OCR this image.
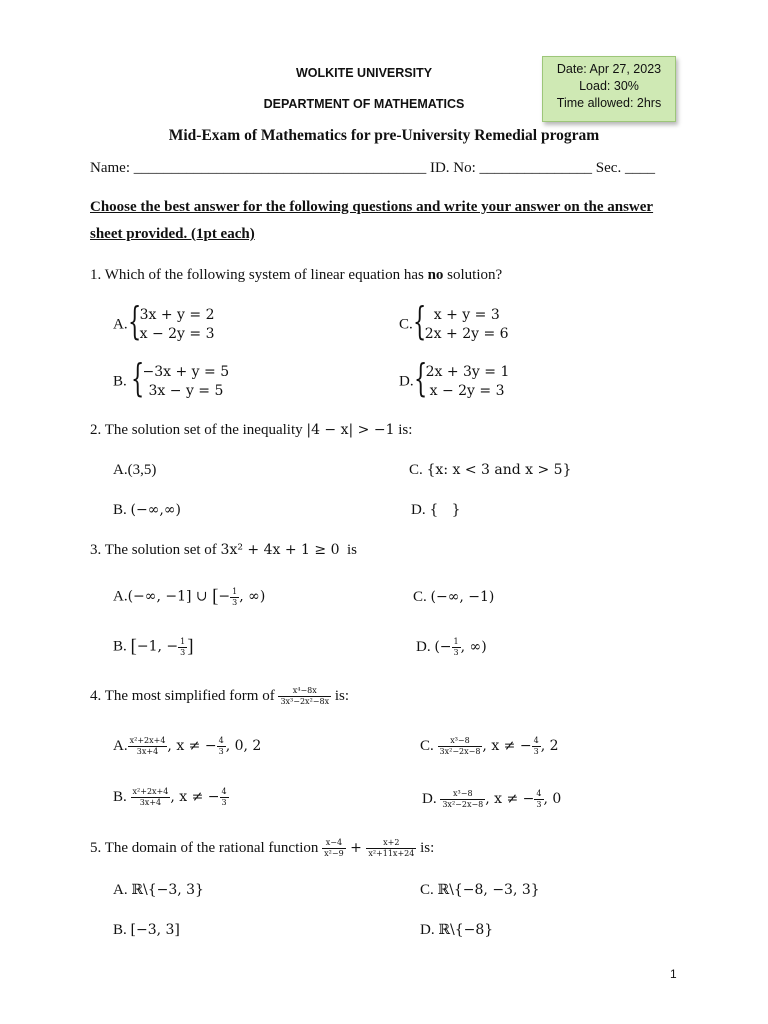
WOLKITE UNIVERSITY
DEPARTMENT OF MATHEMATICS
Mid-Exam of Mathematics for pre-University Remedial program
Name: _______________________________________ ID. No: _______________ Sec. ____
Date: Apr 27, 2023
Load: 30%
Time allowed: 2hrs
Choose the best answer for the following questions and write your answer on the answer
sheet provided. (1pt each)
1. Which of the following system of linear equation has no solution?
A. {
3x + y = 2
x − 2y = 3
B. {
−3x + y = 5
3x − y = 5
C. { x + y = 3
2x + 2y = 6
D. {
2x + 3y = 1
x − 2y = 3
2. The solution set of the inequality |4 − x| > −1 is:
A.(3,5)
B. (−∞,∞)
C. {x: x < 3 and x > 5}
D. {   }
3. The solution set of 3x² + 4x + 1 ≥ 0  is
A.(−∞, −1] ∪ [− $\frac{1}{3}$ , ∞)
B. [−1, − $\frac{1}{3}$ ]
C. (−∞, −1)
D. (− $\frac{1}{3}$ , ∞)
4. The most simplified form of $\frac{\text{x⁴−8x}}{\text{3x³−2x²−8x}}$ is:
A. $\frac{\text{x²+2x+4}}{3x+4}$ , x ≠ − $\frac{4}{3}$ , 0, 2
B. $\frac{\text{x²+2x+4}}{3x+4}$ , x ≠ − $\frac{4}{3}$
C. $\frac{\text{x³−8}}{\text{3x²−2x−8}}$ , x ≠ − $\frac{4}{3}$ , 2
D. $\frac{\text{x³−8}}{\text{3x²−2x−8}}$ , x ≠ − $\frac{4}{3}$ , 0
5. The domain of the rational function $\frac{x-4}{\text{x²−9}} + \frac{x+2}{\text{x²+11x+24}}$ is:
A. ℝ\{−3, 3}
B. [−3, 3]
C. ℝ\{−8, −3, 3}
D. ℝ\{−8}
1
